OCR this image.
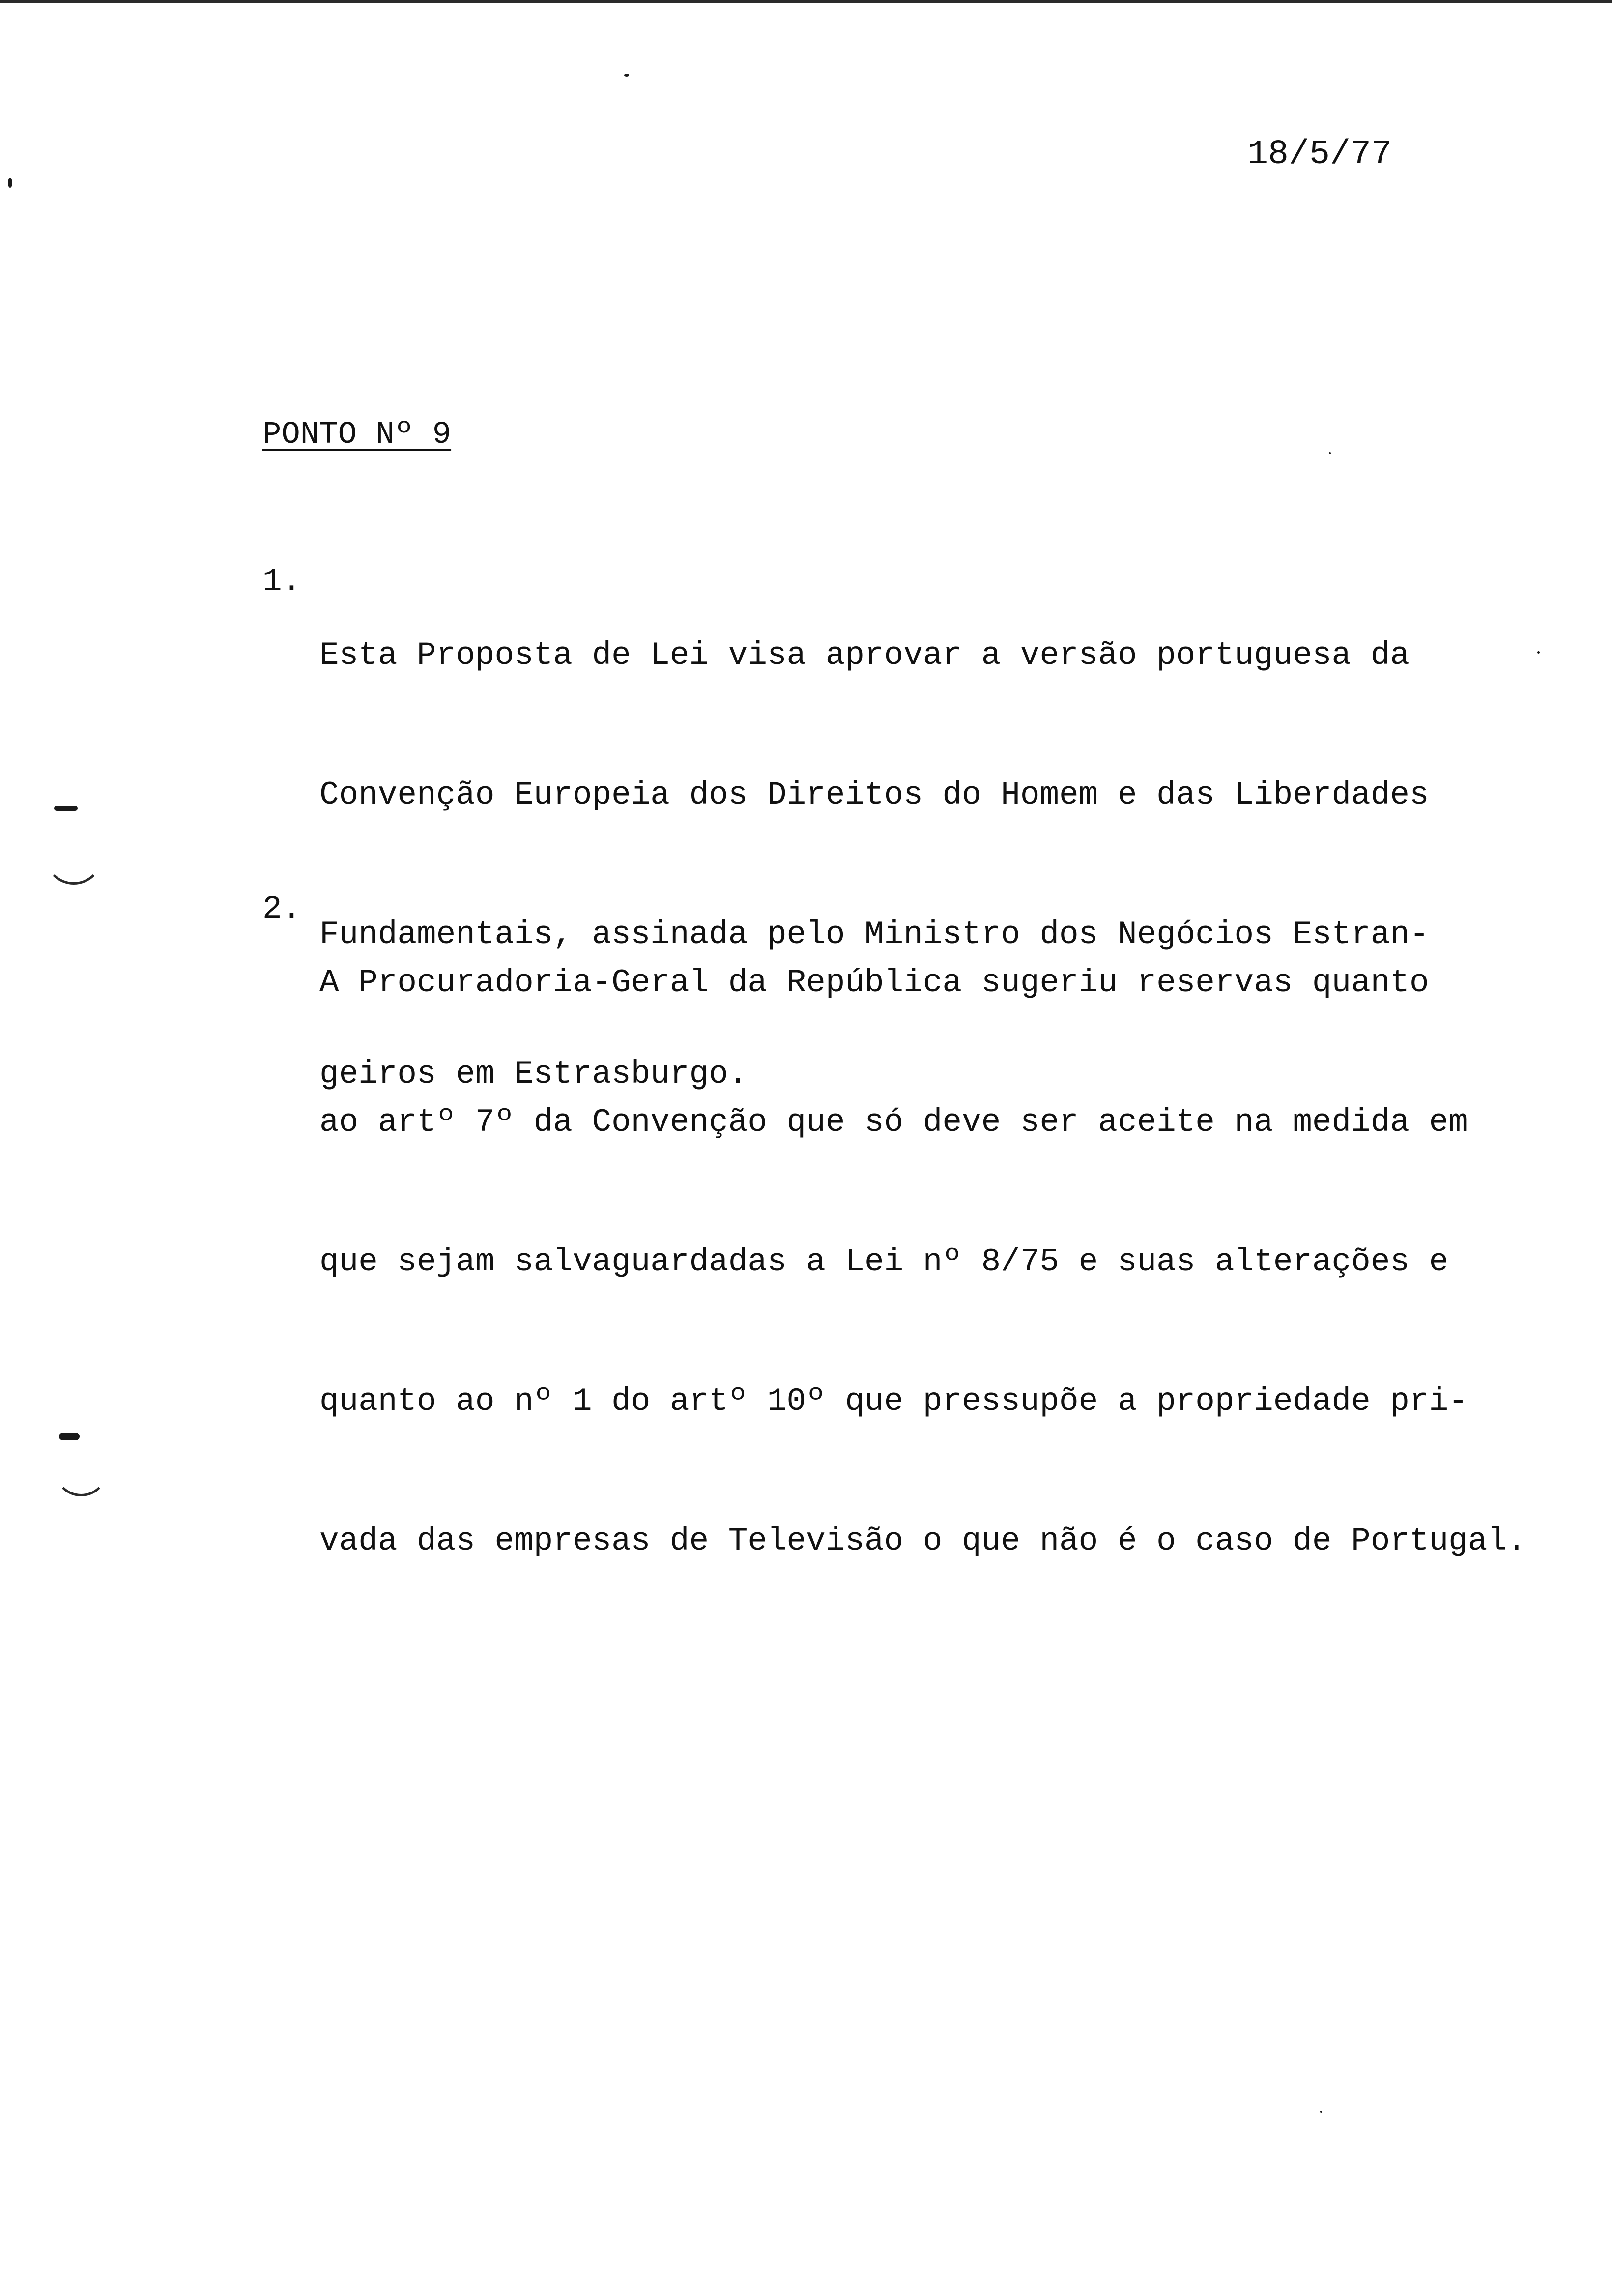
18/5/77
PONTO Nº 9

1.

Esta Proposta de Lei visa aprovar a versão portuguesa da

Convenção Europeia dos Direitos do Homem e das Liberdades

Fundamentais, assinada pelo Ministro dos Negócios Estran-

geiros em Estrasburgo.

2.

A Procuradoria-Geral da República sugeriu reservas quanto

ao artº 7º da Convenção que só deve ser aceite na medida em

que sejam salvaguardadas a Lei nº 8/75 e suas alterações e

quanto ao nº 1 do artº 10º que pressupõe a propriedade pri-

vada das empresas de Televisão o que não é o caso de Portugal.
